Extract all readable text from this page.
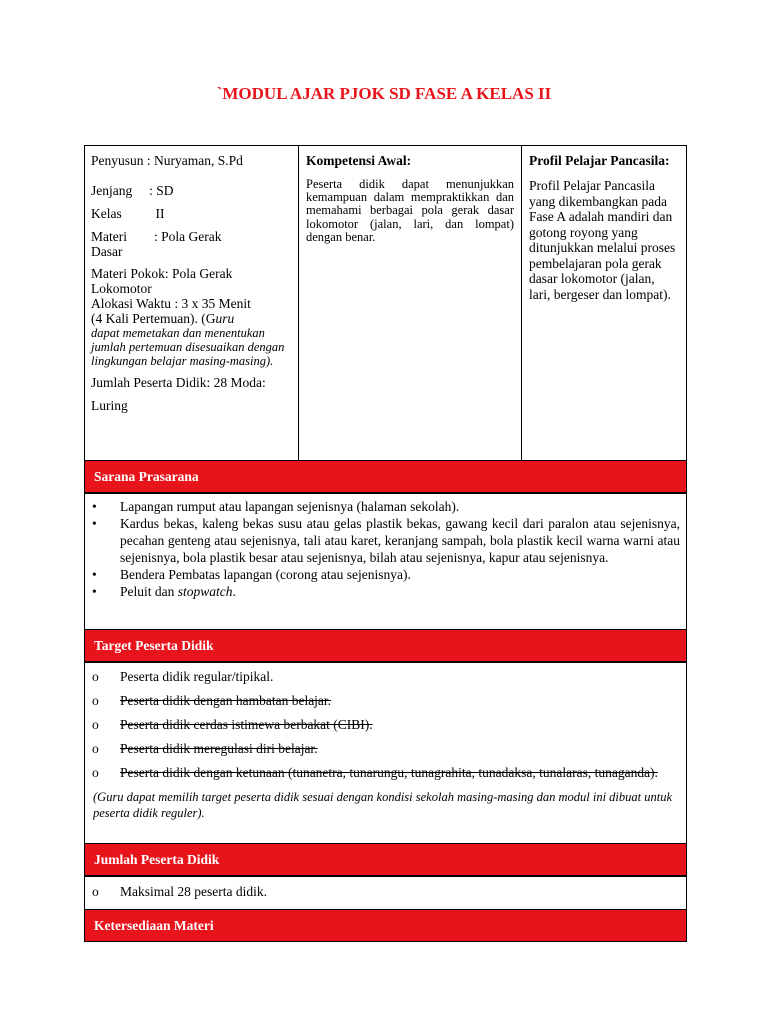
`MODUL AJAR PJOK SD FASE A KELAS II
Penyusun : Nuryaman, S.Pd
Jenjang     : SD
Kelas          II
Materi        : Pola Gerak
Dasar
Materi Pokok: Pola Gerak
Lokomotor
Alokasi Waktu : 3 x 35 Menit
(4 Kali Pertemuan). (Guru
dapat memetakan dan menentukan jumlah pertemuan disesuaikan dengan lingkungan belajar masing-masing).
Jumlah Peserta Didik: 28 Moda:
Luring
Kompetensi Awal:
Peserta didik dapat menunjukkan kemampuan dalam mempraktikkan dan memahami berbagai pola gerak dasar lokomotor (jalan, lari, dan lompat) dengan benar.
Profil Pelajar Pancasila:
Profil Pelajar Pancasila yang dikembangkan pada Fase A adalah mandiri dan gotong royong yang ditunjukkan melalui proses pembelajaran pola gerak dasar lokomotor (jalan, lari, bergeser dan lompat).
Sarana Prasarana
• Lapangan rumput atau lapangan sejenisnya (halaman sekolah).
• Kardus bekas, kaleng bekas susu atau gelas plastik bekas, gawang kecil dari paralon atau sejenisnya, pecahan genteng atau sejenisnya, tali atau karet, keranjang sampah, bola plastik kecil warna warni atau sejenisnya, bola plastik besar atau sejenisnya, bilah atau sejenisnya, kapur atau sejenisnya.
• Bendera Pembatas lapangan (corong atau sejenisnya).
• Peluit dan stopwatch.
Target Peserta Didik
o Peserta didik regular/tipikal.
o Peserta didik dengan hambatan belajar.
o Peserta didik cerdas istimewa berbakat (CIBI).
o Peserta didik meregulasi diri belajar.
o Peserta didik dengan ketunaan (tunanetra, tunarungu, tunagrahita, tunadaksa, tunalaras, tunaganda).
(Guru dapat memilih target peserta didik sesuai dengan kondisi sekolah masing-masing dan modul ini dibuat untuk peserta didik reguler).
Jumlah Peserta Didik
o Maksimal 28 peserta didik.
Ketersediaan Materi
